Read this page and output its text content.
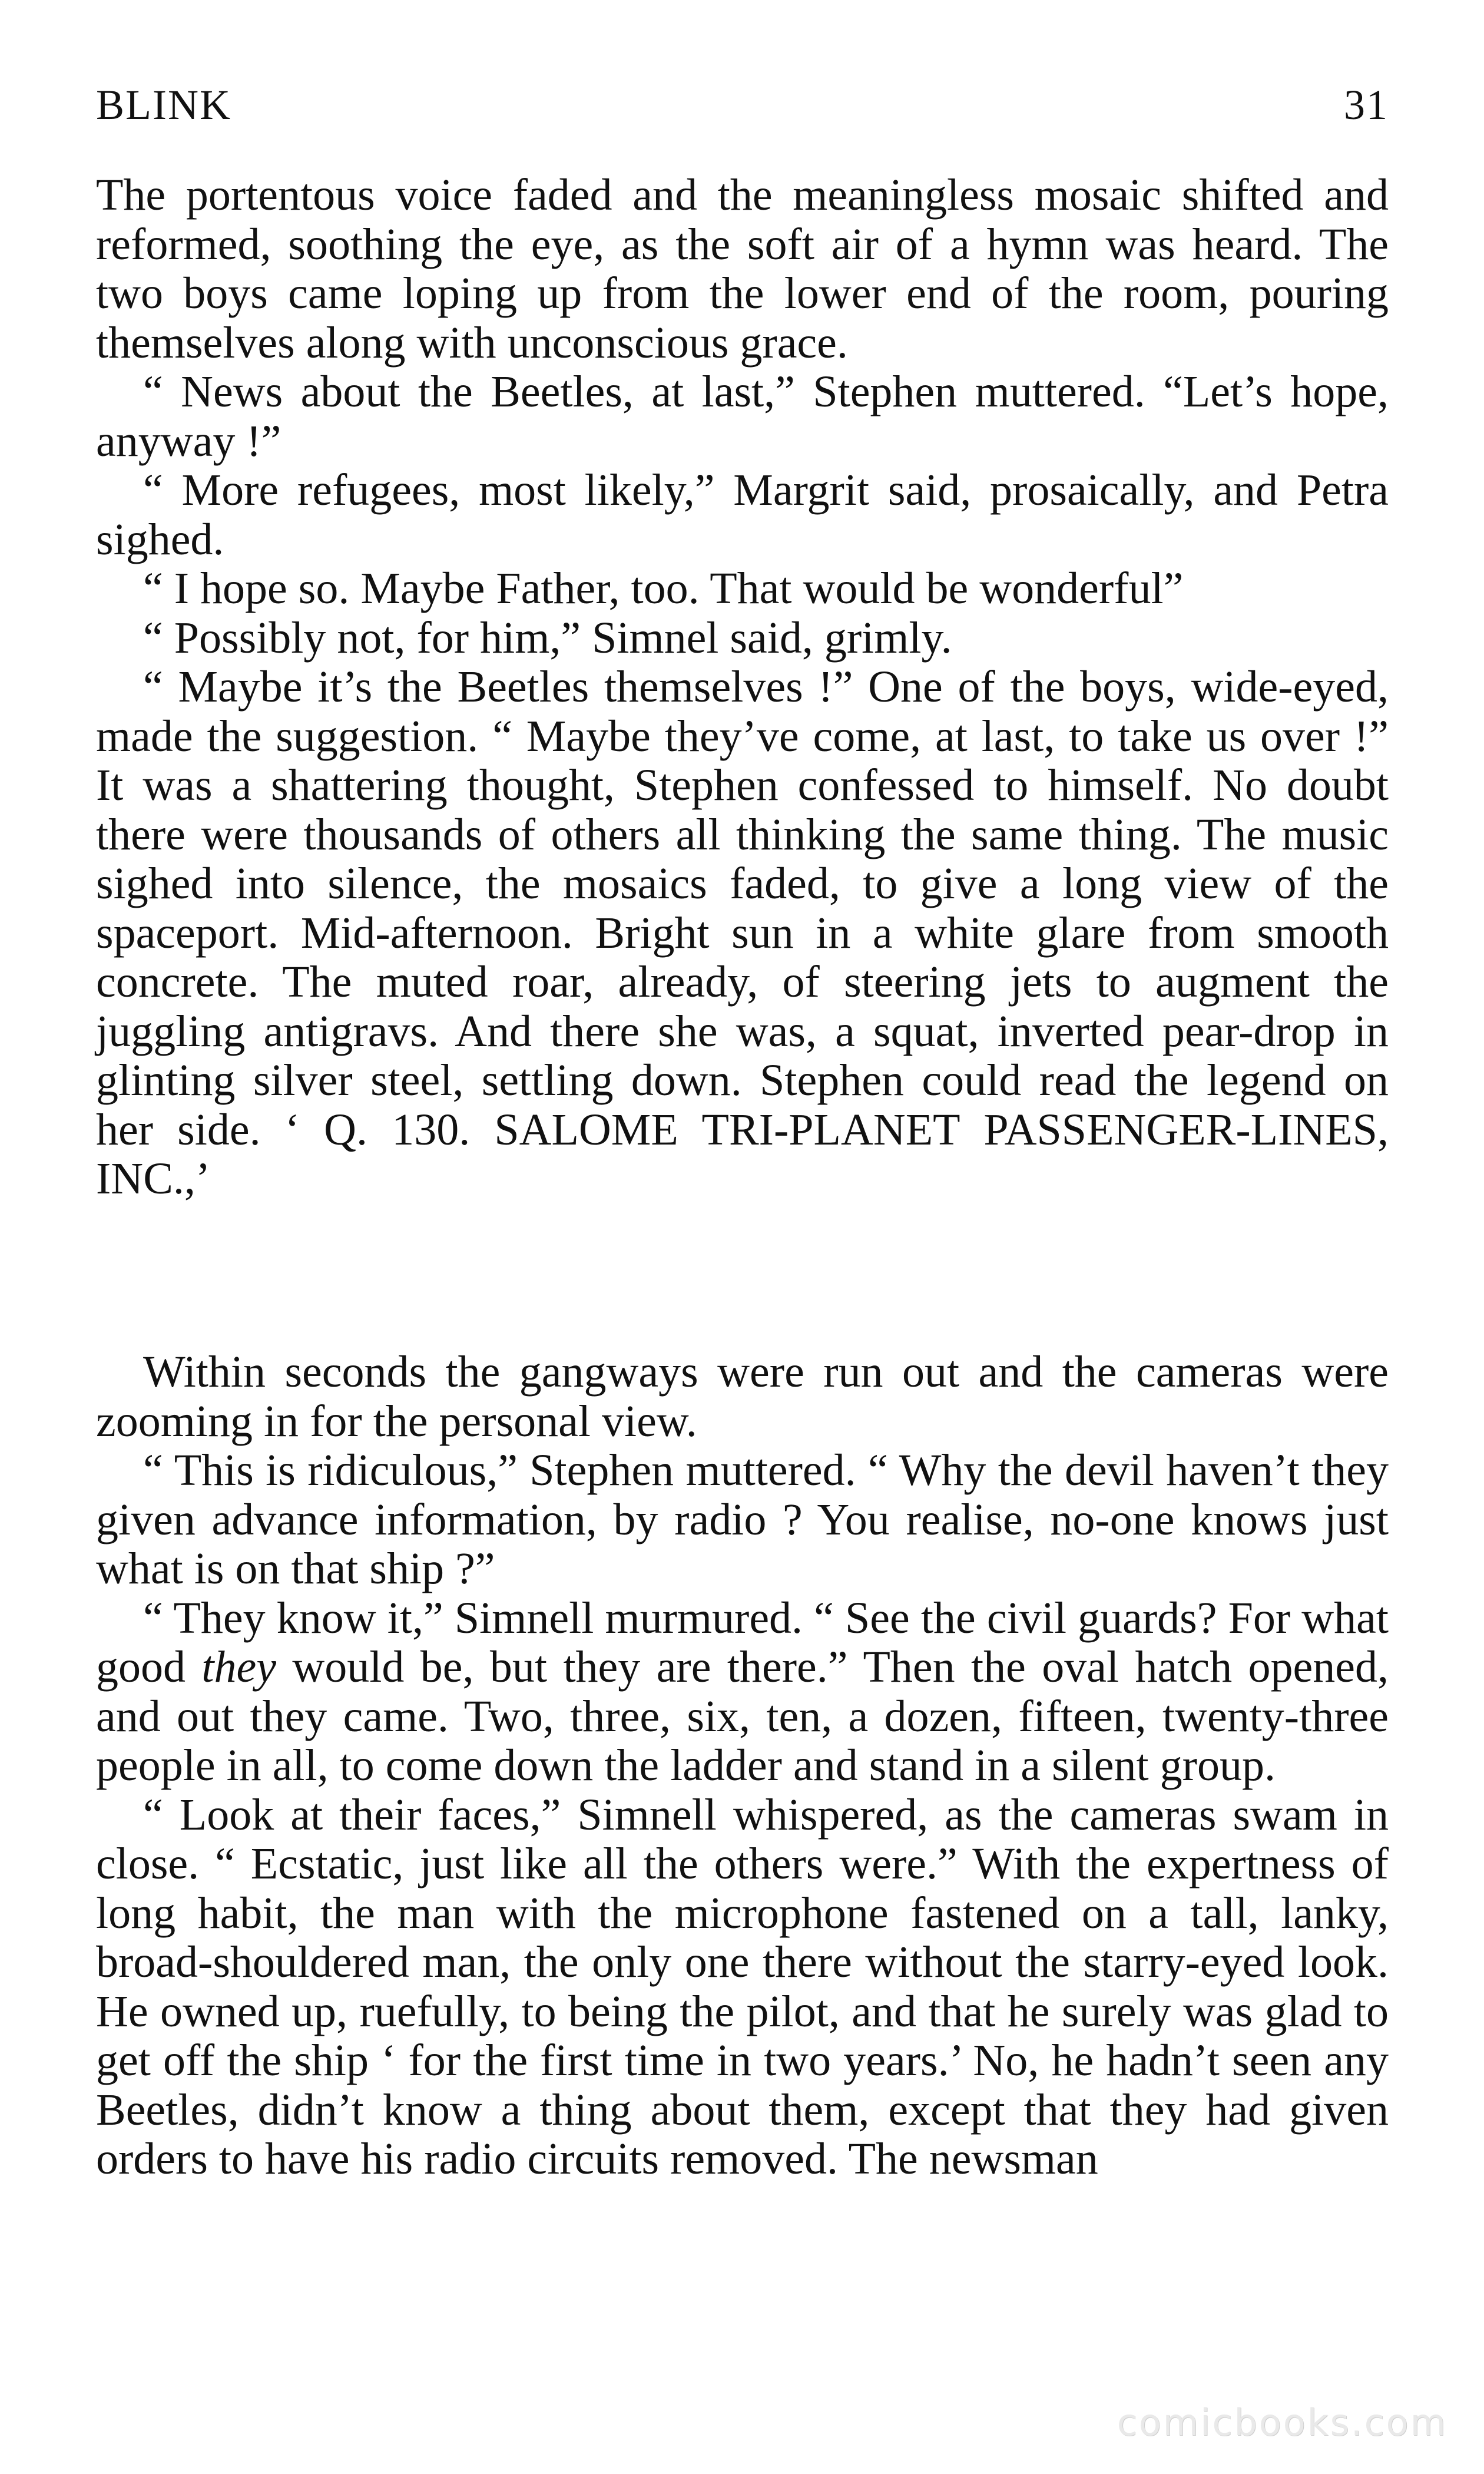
BLINK	31

The portentous voice faded and the meaningless mosaic shifted and reformed, soothing the eye, as the soft air of a hymn was heard. The two boys came loping up from the lower end of the room, pouring themselves along with unconscious grace.

“ News about the Beetles, at last,” Stephen muttered. “Let’s hope, anyway !”

“ More refugees, most likely,” Margrit said, prosaically, and Petra sighed.

“ I hope so. Maybe Father, too. That would be wonderful”

“ Possibly not, for him,” Simnel said, grimly.

“ Maybe it’s the Beetles themselves !” One of the boys, wide-eyed, made the suggestion. “ Maybe they’ve come, at last, to take us over !” It was a shattering thought, Stephen confessed to himself. No doubt there were thousands of others all thinking the same thing. The music sighed into silence, the mosaics faded, to give a long view of the spaceport. Mid-afternoon. Bright sun in a white glare from smooth concrete. The muted roar, already, of steering jets to augment the juggling antigravs. And there she was, a squat, inverted pear-drop in glinting silver steel, settling down. Stephen could read the legend on her side. ‘ Q. 130. SALOME TRI-PLANET PASSENGER-LINES, INC.,’

Within seconds the gangways were run out and the cameras were zooming in for the personal view.

“ This is ridiculous,” Stephen muttered. “ Why the devil haven’t they given advance information, by radio ? You realise, no-one knows just what is on that ship ?”

“ They know it,” Simnell murmured. “ See the civil guards? For what good they would be, but they are there.” Then the oval hatch opened, and out they came. Two, three, six, ten, a dozen, fifteen, twenty-three people in all, to come down the ladder and stand in a silent group.

“ Look at their faces,” Simnell whispered, as the cameras swam in close. “ Ecstatic, just like all the others were.” With the expertness of long habit, the man with the microphone fastened on a tall, lanky, broad-shouldered man, the only one there without the starry-eyed look. He owned up, ruefully, to being the pilot, and that he surely was glad to get off the ship ‘ for the first time in two years.’ No, he hadn’t seen any Beetles, didn’t know a thing about them, except that they had given orders to have his radio circuits removed. The newsman

comicbooks.com
